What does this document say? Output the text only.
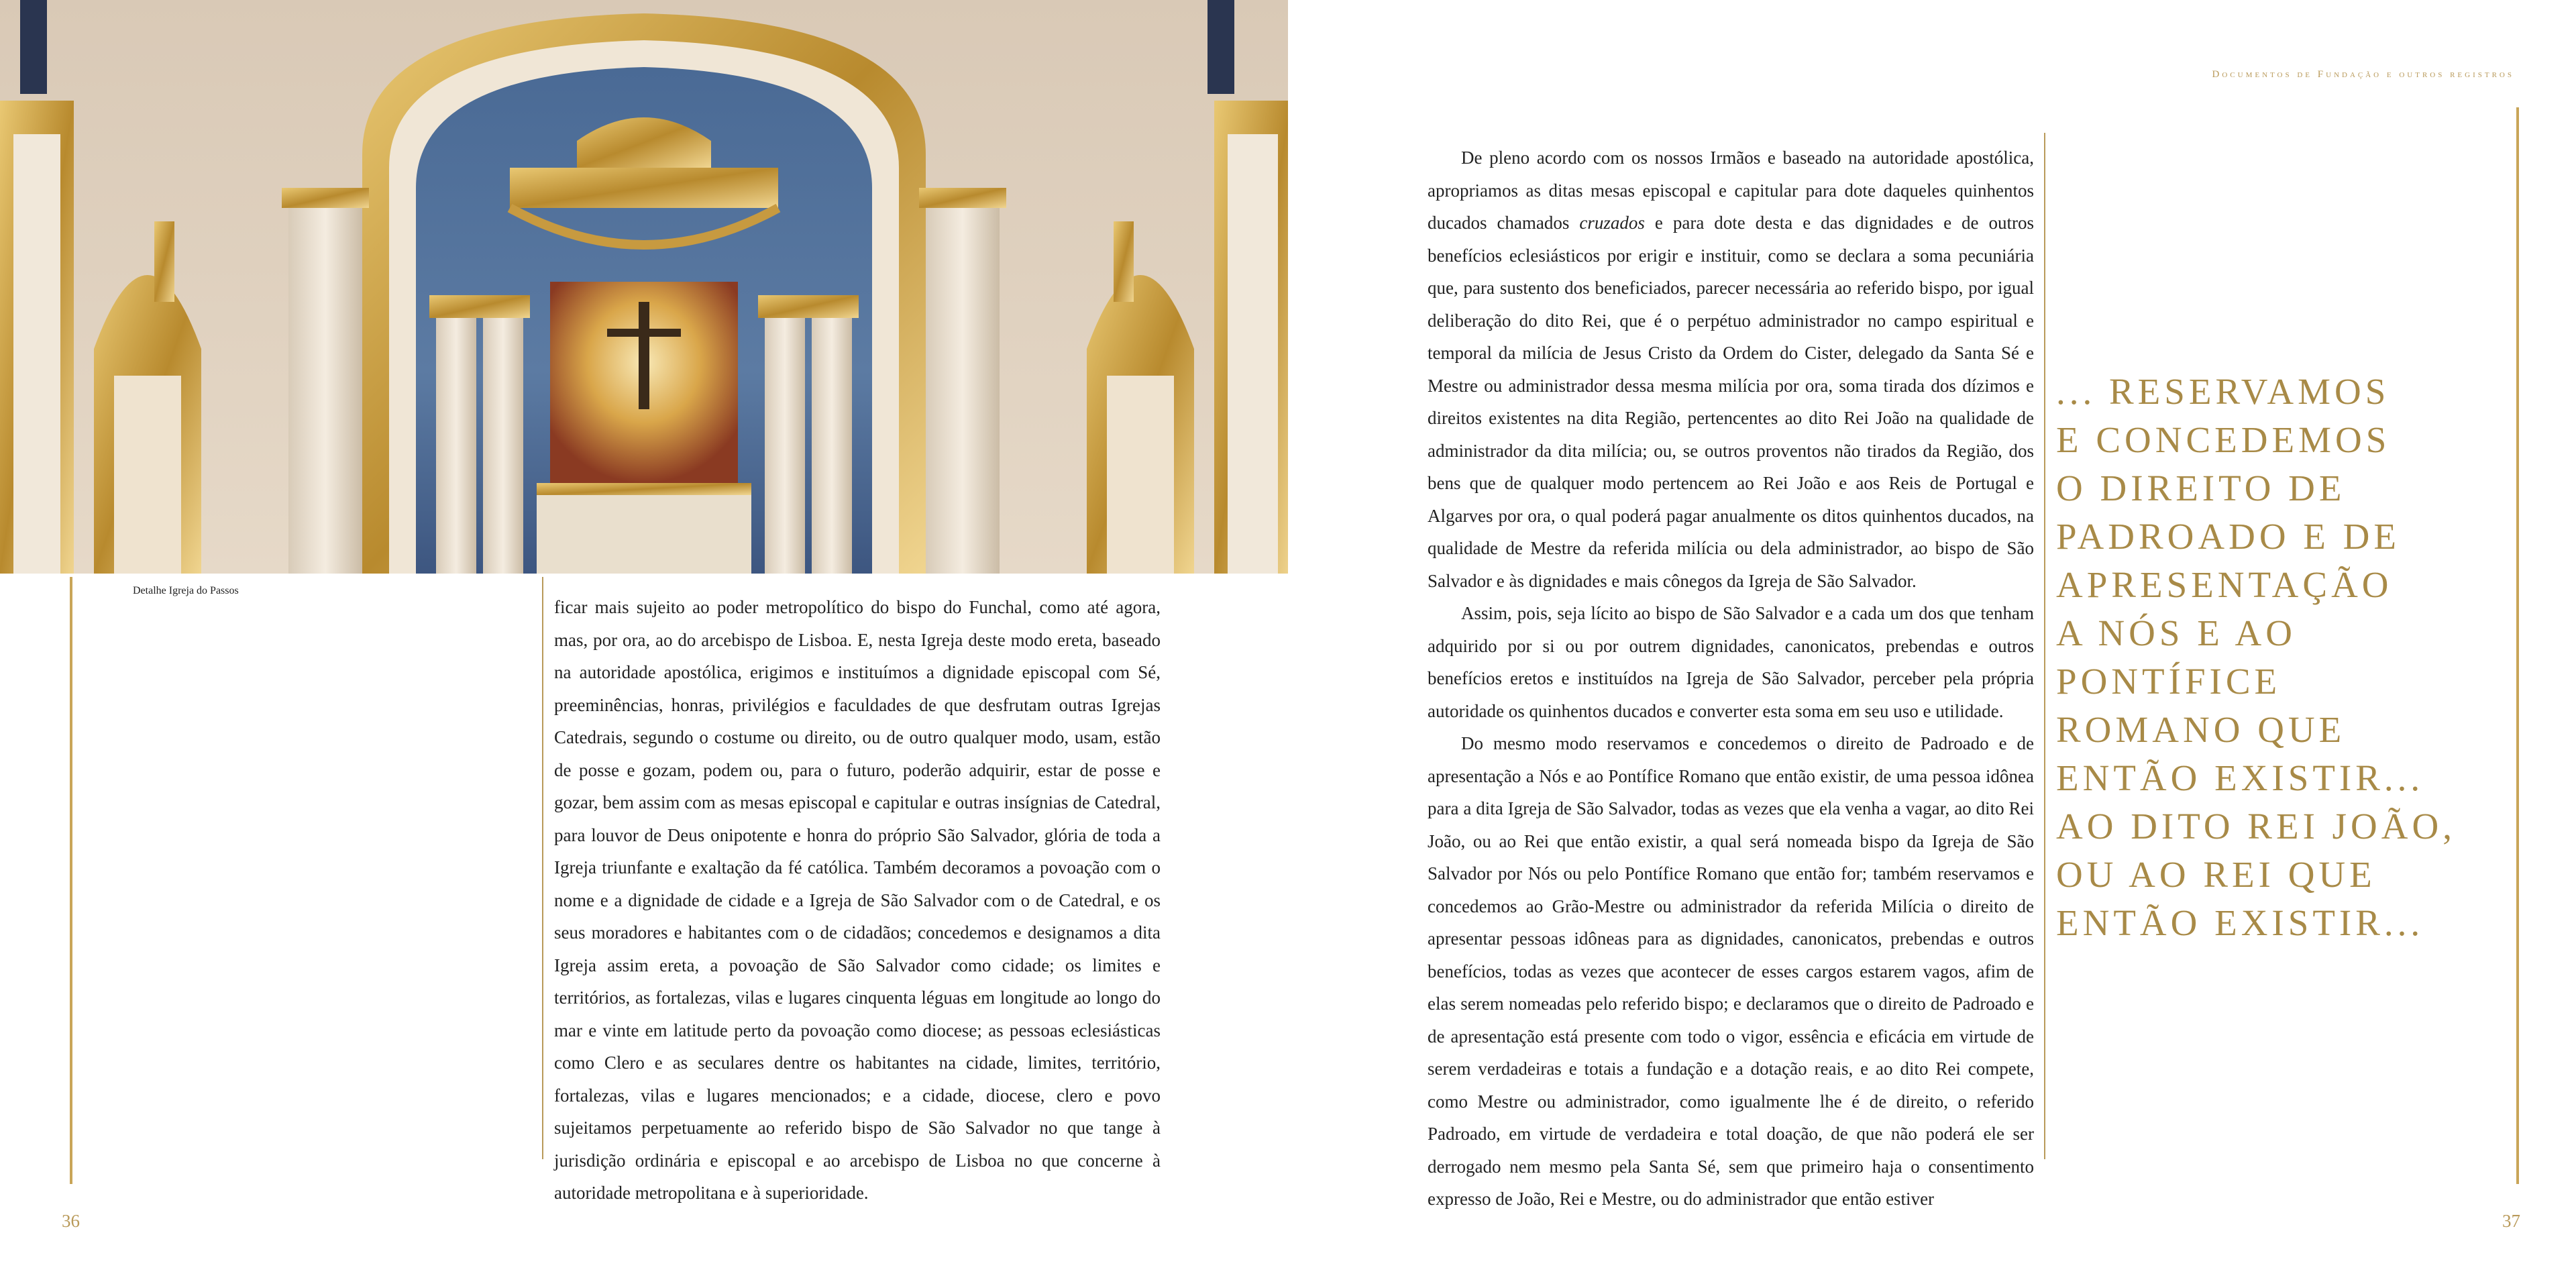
Detalhe Igreja do Passos

ficar mais sujeito ao poder metropolítico do bispo do Funchal, como até agora, mas, por ora, ao do arcebispo de Lisboa. E, nesta Igreja deste modo ereta, baseado na autoridade apostólica, erigimos e instituímos a dignidade episcopal com Sé, preeminências, honras, privilégios e faculdades de que desfrutam outras Igrejas Catedrais, segundo o costume ou direito, ou de outro qualquer modo, usam, estão de posse e gozam, podem ou, para o futuro, poderão adquirir, estar de posse e gozar, bem assim com as mesas episcopal e capitular e outras insígnias de Catedral, para louvor de Deus onipotente e honra do próprio São Salvador, glória de toda a Igreja triunfante e exaltação da fé católica. Também decoramos a povoação com o nome e a dignidade de cidade e a Igreja de São Salvador com o de Catedral, e os seus moradores e habitantes com o de cidadãos; concedemos e designamos a dita Igreja assim ereta, a povoação de São Salvador como cidade; os limites e territórios, as fortalezas, vilas e lugares cinquenta léguas em longitude ao longo do mar e vinte em latitude perto da povoação como diocese; as pessoas eclesiásticas como Clero e as seculares dentre os habitantes na cidade, limites, território, fortalezas, vilas e lugares mencionados; e a cidade, diocese, clero e povo sujeitamos perpetuamente ao referido bispo de São Salvador no que tange à jurisdição ordinária e episcopal e ao arcebispo de Lisboa no que concerne à autoridade metropolitana e à superioridade.

36
Documentos de Fundação e outros registros

De pleno acordo com os nossos Irmãos e baseado na autoridade apostólica, apropriamos as ditas mesas episcopal e capitular para dote daqueles quinhentos ducados chamados cruzados e para dote desta e das dignidades e de outros benefícios eclesiásticos por erigir e instituir, como se declara a soma pecuniária que, para sustento dos beneficiados, parecer necessária ao referido bispo, por igual deliberação do dito Rei, que é o perpétuo administrador no campo espiritual e temporal da milícia de Jesus Cristo da Ordem do Cister, delegado da Santa Sé e Mestre ou administrador dessa mesma milícia por ora, soma tirada dos dízimos e direitos existentes na dita Região, pertencentes ao dito Rei João na qualidade de administrador da dita milícia; ou, se outros proventos não tirados da Região, dos bens que de qualquer modo pertencem ao Rei João e aos Reis de Portugal e Algarves por ora, o qual poderá pagar anualmente os ditos quinhentos ducados, na qualidade de Mestre da referida milícia ou dela administrador, ao bispo de São Salvador e às dignidades e mais cônegos da Igreja de São Salvador.

Assim, pois, seja lícito ao bispo de São Salvador e a cada um dos que tenham adquirido por si ou por outrem dignidades, canonicatos, prebendas e outros benefícios eretos e instituídos na Igreja de São Salvador, perceber pela própria autoridade os quinhentos ducados e converter esta soma em seu uso e utilidade.

Do mesmo modo reservamos e concedemos o direito de Padroado e de apresentação a Nós e ao Pontífice Romano que então existir, de uma pessoa idônea para a dita Igreja de São Salvador, todas as vezes que ela venha a vagar, ao dito Rei João, ou ao Rei que então existir, a qual será nomeada bispo da Igreja de São Salvador por Nós ou pelo Pontífice Romano que então for; também reservamos e concedemos ao Grão-Mestre ou administrador da referida Milícia o direito de apresentar pessoas idôneas para as dignidades, canonicatos, prebendas e outros benefícios, todas as vezes que acontecer de esses cargos estarem vagos, afim de elas serem nomeadas pelo referido bispo; e declaramos que o direito de Padroado e de apresentação está presente com todo o vigor, essência e eficácia em virtude de serem verdadeiras e totais a fundação e a dotação reais, e ao dito Rei compete, como Mestre ou administrador, como igualmente lhe é de direito, o referido Padroado, em virtude de verdadeira e total doação, de que não poderá ele ser derrogado nem mesmo pela Santa Sé, sem que primeiro haja o consentimento expresso de João, Rei e Mestre, ou do administrador que então estiver

37
... RESERVAMOS
E CONCEDEMOS
O DIREITO DE
PADROADO E DE
APRESENTAÇÃO
A NÓS E AO
PONTÍFICE
ROMANO QUE
ENTÃO EXISTIR...
AO DITO REI JOÃO,
OU AO REI QUE
ENTÃO EXISTIR...
